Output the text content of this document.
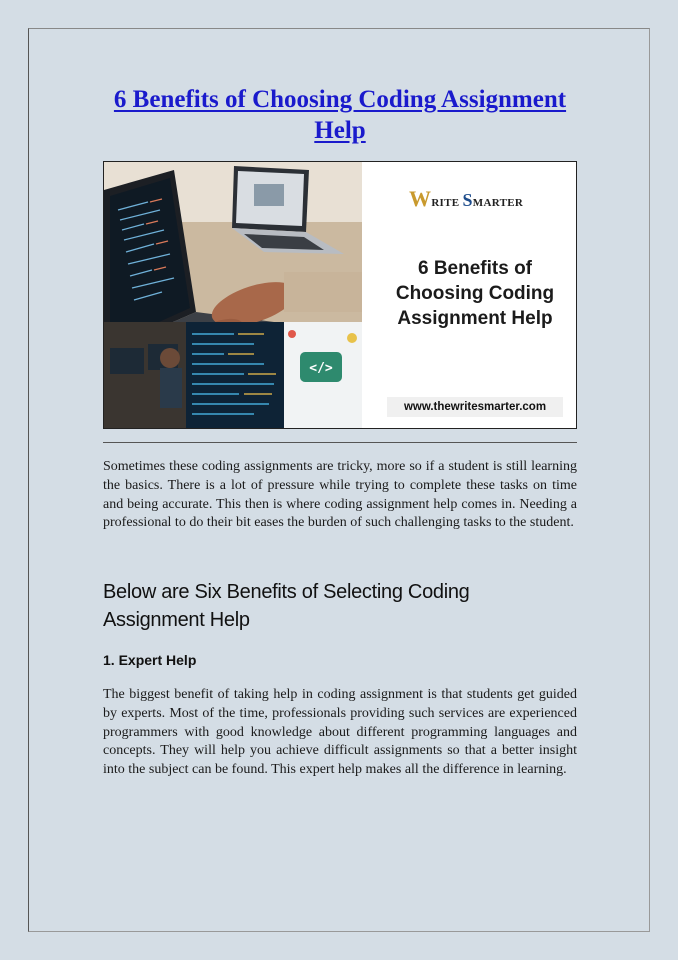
6 Benefits of Choosing Coding Assignment Help
</>
WRITE SMARTER
6 Benefits of
Choosing Coding
Assignment Help
www.thewritesmarter.com

Sometimes these coding assignments are tricky, more so if a student is still learning the basics. There is a lot of pressure while trying to complete these tasks on time and being accurate. This then is where coding assignment help comes in. Needing a professional to do their bit eases the burden of such challenging tasks to the student.

Below are Six Benefits of Selecting Coding
Assignment Help
1. Expert Help

The biggest benefit of taking help in coding assignment is that students get guided by experts. Most of the time, professionals providing such services are experienced programmers with good knowledge about different programming languages and concepts. They will help you achieve difficult assignments so that a better insight into the subject can be found. This expert help makes all the difference in learning.
